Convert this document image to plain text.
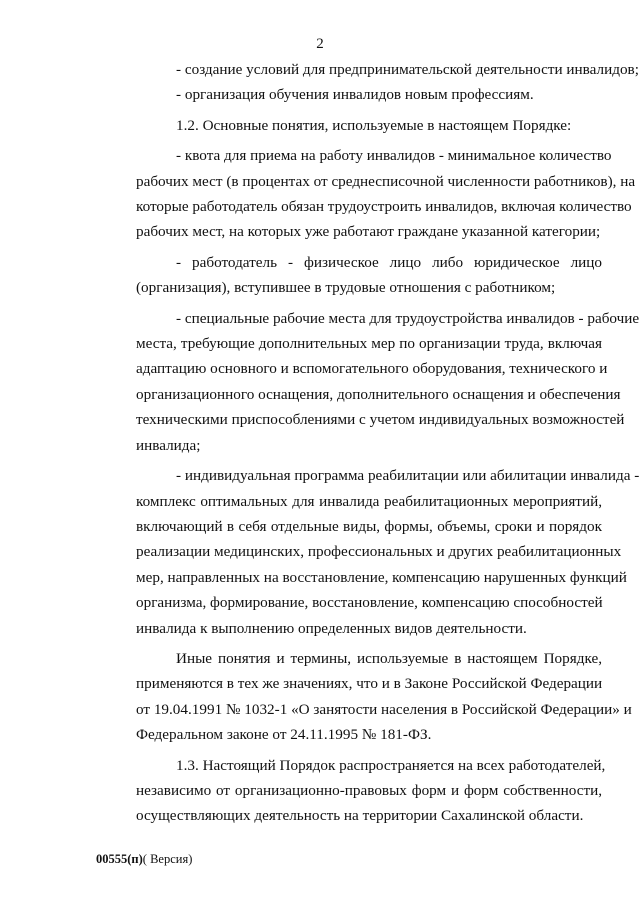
2

- создание условий для предпринимательской деятельности инвалидов;

- организация обучения инвалидов новым профессиям.

1.2. Основные понятия, используемые в настоящем Порядке:

- квота для приема на работу инвалидов - минимальное количество
рабочих мест (в процентах от среднесписочной численности работников), на
которые работодатель обязан трудоустроить инвалидов, включая количество
рабочих мест, на которых уже работают граждане указанной категории;

- работодатель - физическое лицо либо юридическое лицо
(организация), вступившее в трудовые отношения с работником;

- специальные рабочие места для трудоустройства инвалидов - рабочие
места, требующие дополнительных мер по организации труда, включая
адаптацию основного и вспомогательного оборудования, технического и
организационного оснащения, дополнительного оснащения и обеспечения
техническими приспособлениями с учетом индивидуальных возможностей
инвалида;

- индивидуальная программа реабилитации или абилитации инвалида -
комплекс оптимальных для инвалида реабилитационных мероприятий,
включающий в себя отдельные виды, формы, объемы, сроки и порядок
реализации медицинских, профессиональных и других реабилитационных
мер, направленных на восстановление, компенсацию нарушенных функций
организма, формирование, восстановление, компенсацию способностей
инвалида к выполнению определенных видов деятельности.

Иные понятия и термины, используемые в настоящем Порядке,
применяются в тех же значениях, что и в Законе Российской Федерации
от 19.04.1991 № 1032-1 «О занятости населения в Российской Федерации» и
Федеральном законе от 24.11.1995 № 181-ФЗ.

1.3. Настоящий Порядок распространяется на всех работодателей,
независимо от организационно-правовых форм и форм собственности,
осуществляющих деятельность на территории Сахалинской области.

00555(п)( Версия)
